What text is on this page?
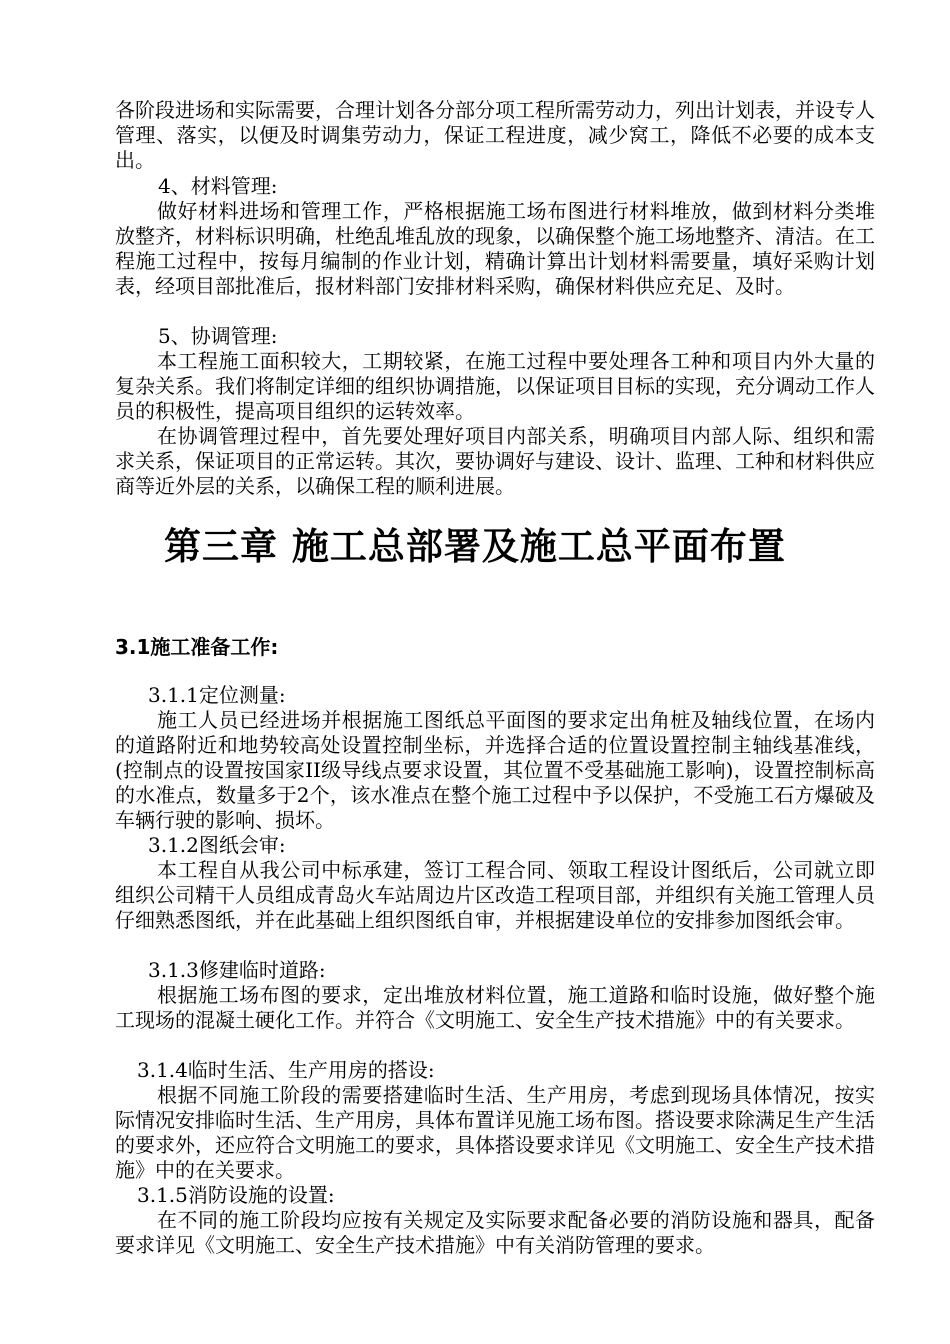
各阶段进场和实际需要，合理计划各分部分项工程所需劳动力，列出计划表，并设专人管理、落实，以便及时调集劳动力，保证工程进度，减少窝工，降低不必要的成本支出。

4、材料管理:

做好材料进场和管理工作，严格根据施工场布图进行材料堆放，做到材料分类堆放整齐，材料标识明确，杜绝乱堆乱放的现象，以确保整个施工场地整齐、清洁。在工程施工过程中，按每月编制的作业计划，精确计算出计划材料需要量，填好采购计划表，经项目部批准后，报材料部门安排材料采购，确保材料供应充足、及时。

5、协调管理:

本工程施工面积较大，工期较紧，在施工过程中要处理各工种和项目内外大量的复杂关系。我们将制定详细的组织协调措施，以保证项目目标的实现，充分调动工作人员的积极性，提高项目组织的运转效率。

在协调管理过程中，首先要处理好项目内部关系，明确项目内部人际、组织和需求关系，保证项目的正常运转。其次，要协调好与建设、设计、监理、工种和材料供应商等近外层的关系，以确保工程的顺利进展。

第三章 施工总部署及施工总平面布置
3.1施工准备工作:

3.1.1定位测量:

施工人员已经进场并根据施工图纸总平面图的要求定出角桩及轴线位置，在场内的道路附近和地势较高处设置控制坐标，并选择合适的位置设置控制主轴线基准线，(控制点的设置按国家II级导线点要求设置，其位置不受基础施工影响)，设置控制标高的水准点，数量多于2个，该水准点在整个施工过程中予以保护，不受施工石方爆破及车辆行驶的影响、损坏。

3.1.2图纸会审:

本工程自从我公司中标承建，签订工程合同、领取工程设计图纸后，公司就立即组织公司精干人员组成青岛火车站周边片区改造工程项目部，并组织有关施工管理人员仔细熟悉图纸，并在此基础上组织图纸自审，并根据建设单位的安排参加图纸会审。

3.1.3修建临时道路:

根据施工场布图的要求，定出堆放材料位置，施工道路和临时设施，做好整个施工现场的混凝土硬化工作。并符合《文明施工、安全生产技术措施》中的有关要求。

3.1.4临时生活、生产用房的搭设:

根据不同施工阶段的需要搭建临时生活、生产用房，考虑到现场具体情况，按实际情况安排临时生活、生产用房，具体布置详见施工场布图。搭设要求除满足生产生活的要求外，还应符合文明施工的要求，具体搭设要求详见《文明施工、安全生产技术措施》中的在关要求。

3.1.5消防设施的设置:

在不同的施工阶段均应按有关规定及实际要求配备必要的消防设施和器具，配备要求详见《文明施工、安全生产技术措施》中有关消防管理的要求。
